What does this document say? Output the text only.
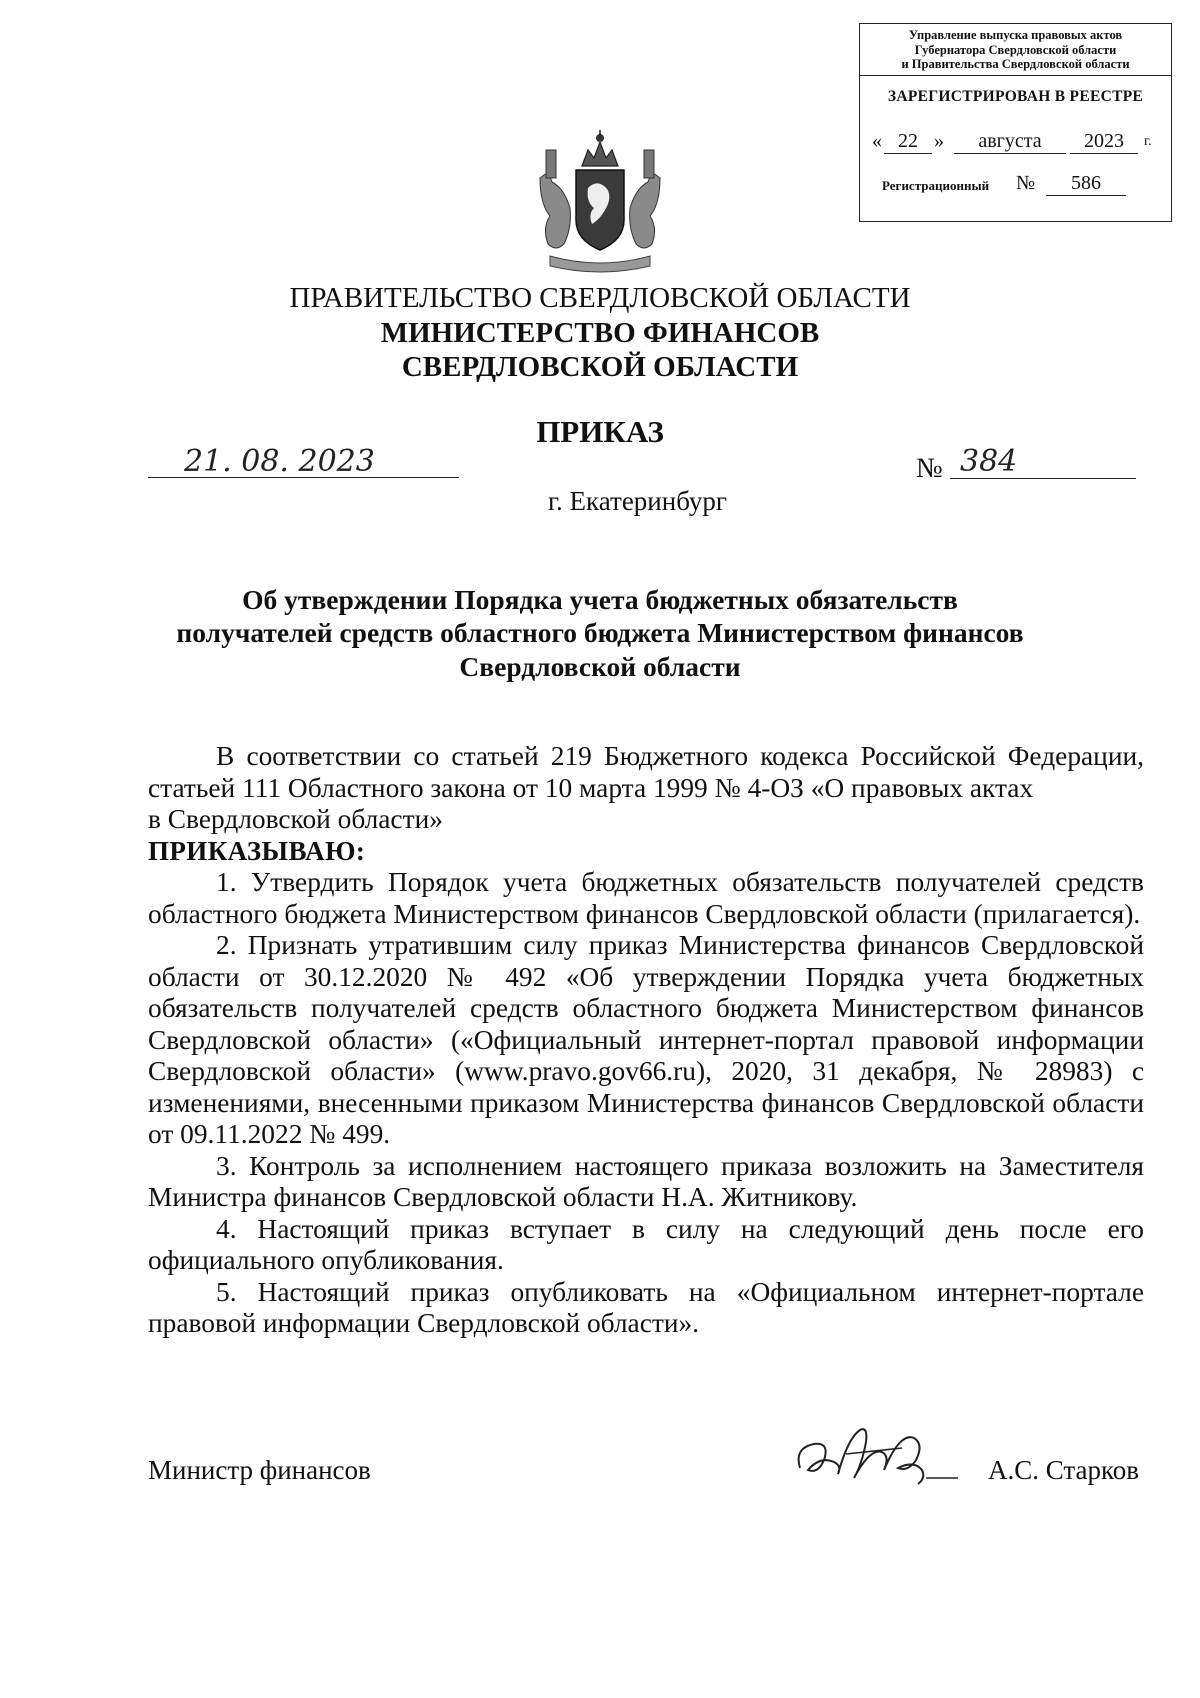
Управление выпуска правовых актов
Губернатора Свердловской области
и Правительства Свердловской области
ЗАРЕГИСТРИРОВАН В РЕЕСТРЕ
« 22 »	августа	2023	г.
Регистрационный №	586
ПРАВИТЕЛЬСТВО СВЕРДЛОВСКОЙ ОБЛАСТИ
МИНИСТЕРСТВО ФИНАНСОВ
СВЕРДЛОВСКОЙ ОБЛАСТИ
ПРИКАЗ
21. 08. 2023	№ 384
г. Екатеринбург
Об утверждении Порядка учета бюджетных обязательств
получателей средств областного бюджета Министерством финансов
Свердловской области

В соответствии со статьей 219 Бюджетного кодекса Российской Федерации, статьей 111 Областного закона от 10 марта 1999 № 4-ОЗ «О правовых актах

в Свердловской области»

ПРИКАЗЫВАЮ:

1. Утвердить Порядок учета бюджетных обязательств получателей средств областного бюджета Министерством финансов Свердловской области (прилагается).

2. Признать утратившим силу приказ Министерства финансов Свердловской области от 30.12.2020 № 492 «Об утверждении Порядка учета бюджетных обязательств получателей средств областного бюджета Министерством финансов Свердловской области» («Официальный интернет-портал правовой информации Свердловской области» (www.pravo.gov66.ru), 2020, 31 декабря, № 28983) с изменениями, внесенными приказом Министерства финансов Свердловской области от 09.11.2022 № 499.

3. Контроль за исполнением настоящего приказа возложить на Заместителя Министра финансов Свердловской области Н.А. Житникову.

4. Настоящий приказ вступает в силу на следующий день после его официального опубликования.

5. Настоящий приказ опубликовать на «Официальном интернет-портале правовой информации Свердловской области».

Министр финансов	А.С. Старков
